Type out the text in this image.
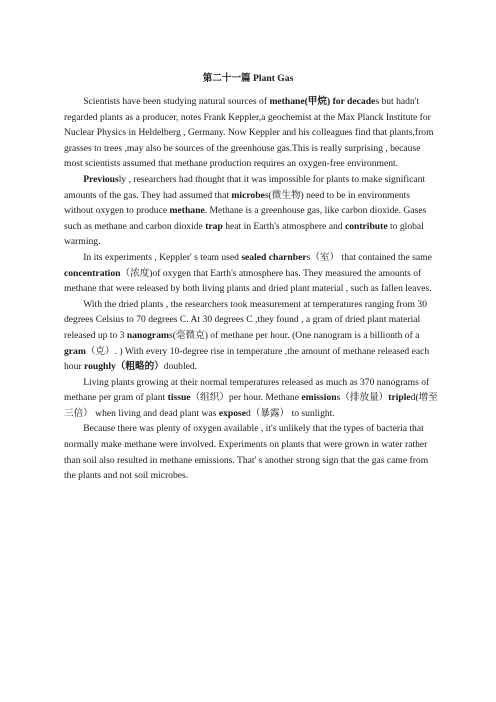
第二十一篇 Plant Gas

Scientists have been studying natural sources of methane(甲烷) for decades but hadn't regarded plants as a producer, notes Frank Keppler,a geochemist at the Max Planck Institute for Nuclear Physics in Heldelberg , Germany. Now Keppler and his colleagues find that plants,from grasses to trees ,may also be sources of the greenhouse gas.This is really surprising , because most scientists assumed that methane production requires an oxygen-free environment.

Previously , researchers had thought that it was impossible for plants to make significant amounts of the gas. They had assumed that microbes(微生物) need to be in environments without oxygen to produce methane. Methane is a greenhouse gas, like carbon dioxide. Gases such as methane and carbon dioxide trap heat in Earth's atmosphere and contribute to global warming.

In its experiments , Keppler' s team used sealed charnbers（室） that contained the same concentration（浓度)of oxygen that Earth's atmosphere has. They measured the amounts of methane that were released by both living plants and dried plant material , such as fallen leaves.

With the dried plants , the researchers took measurement at temperatures ranging from 30 degrees Celsius to 70 degrees C. At 30 degrees C ,they found , a gram of dried plant material released up to 3 nanograms(毫微克) of methane per hour. (One nanogram is a billionth of a gram（克）. ) With every 10-degree rise in temperature ,the amount of methane released each hour roughly（粗略的）doubled.

Living plants growing at their normal temperatures released as much as 370 nanograms of methane per gram of plant tissue（组织）per hour. Methane emissions（排放量）tripled(增至三倍） when living and dead plant was exposed（暴露） to sunlight.

Because there was plenty of oxygen available , it's unlikely that the types of bacteria that normally make methane were involved. Experiments on plants that were grown in water rather than soil also resulted in methane emissions. That' s another strong sign that the gas came from the plants and not soil microbes.
